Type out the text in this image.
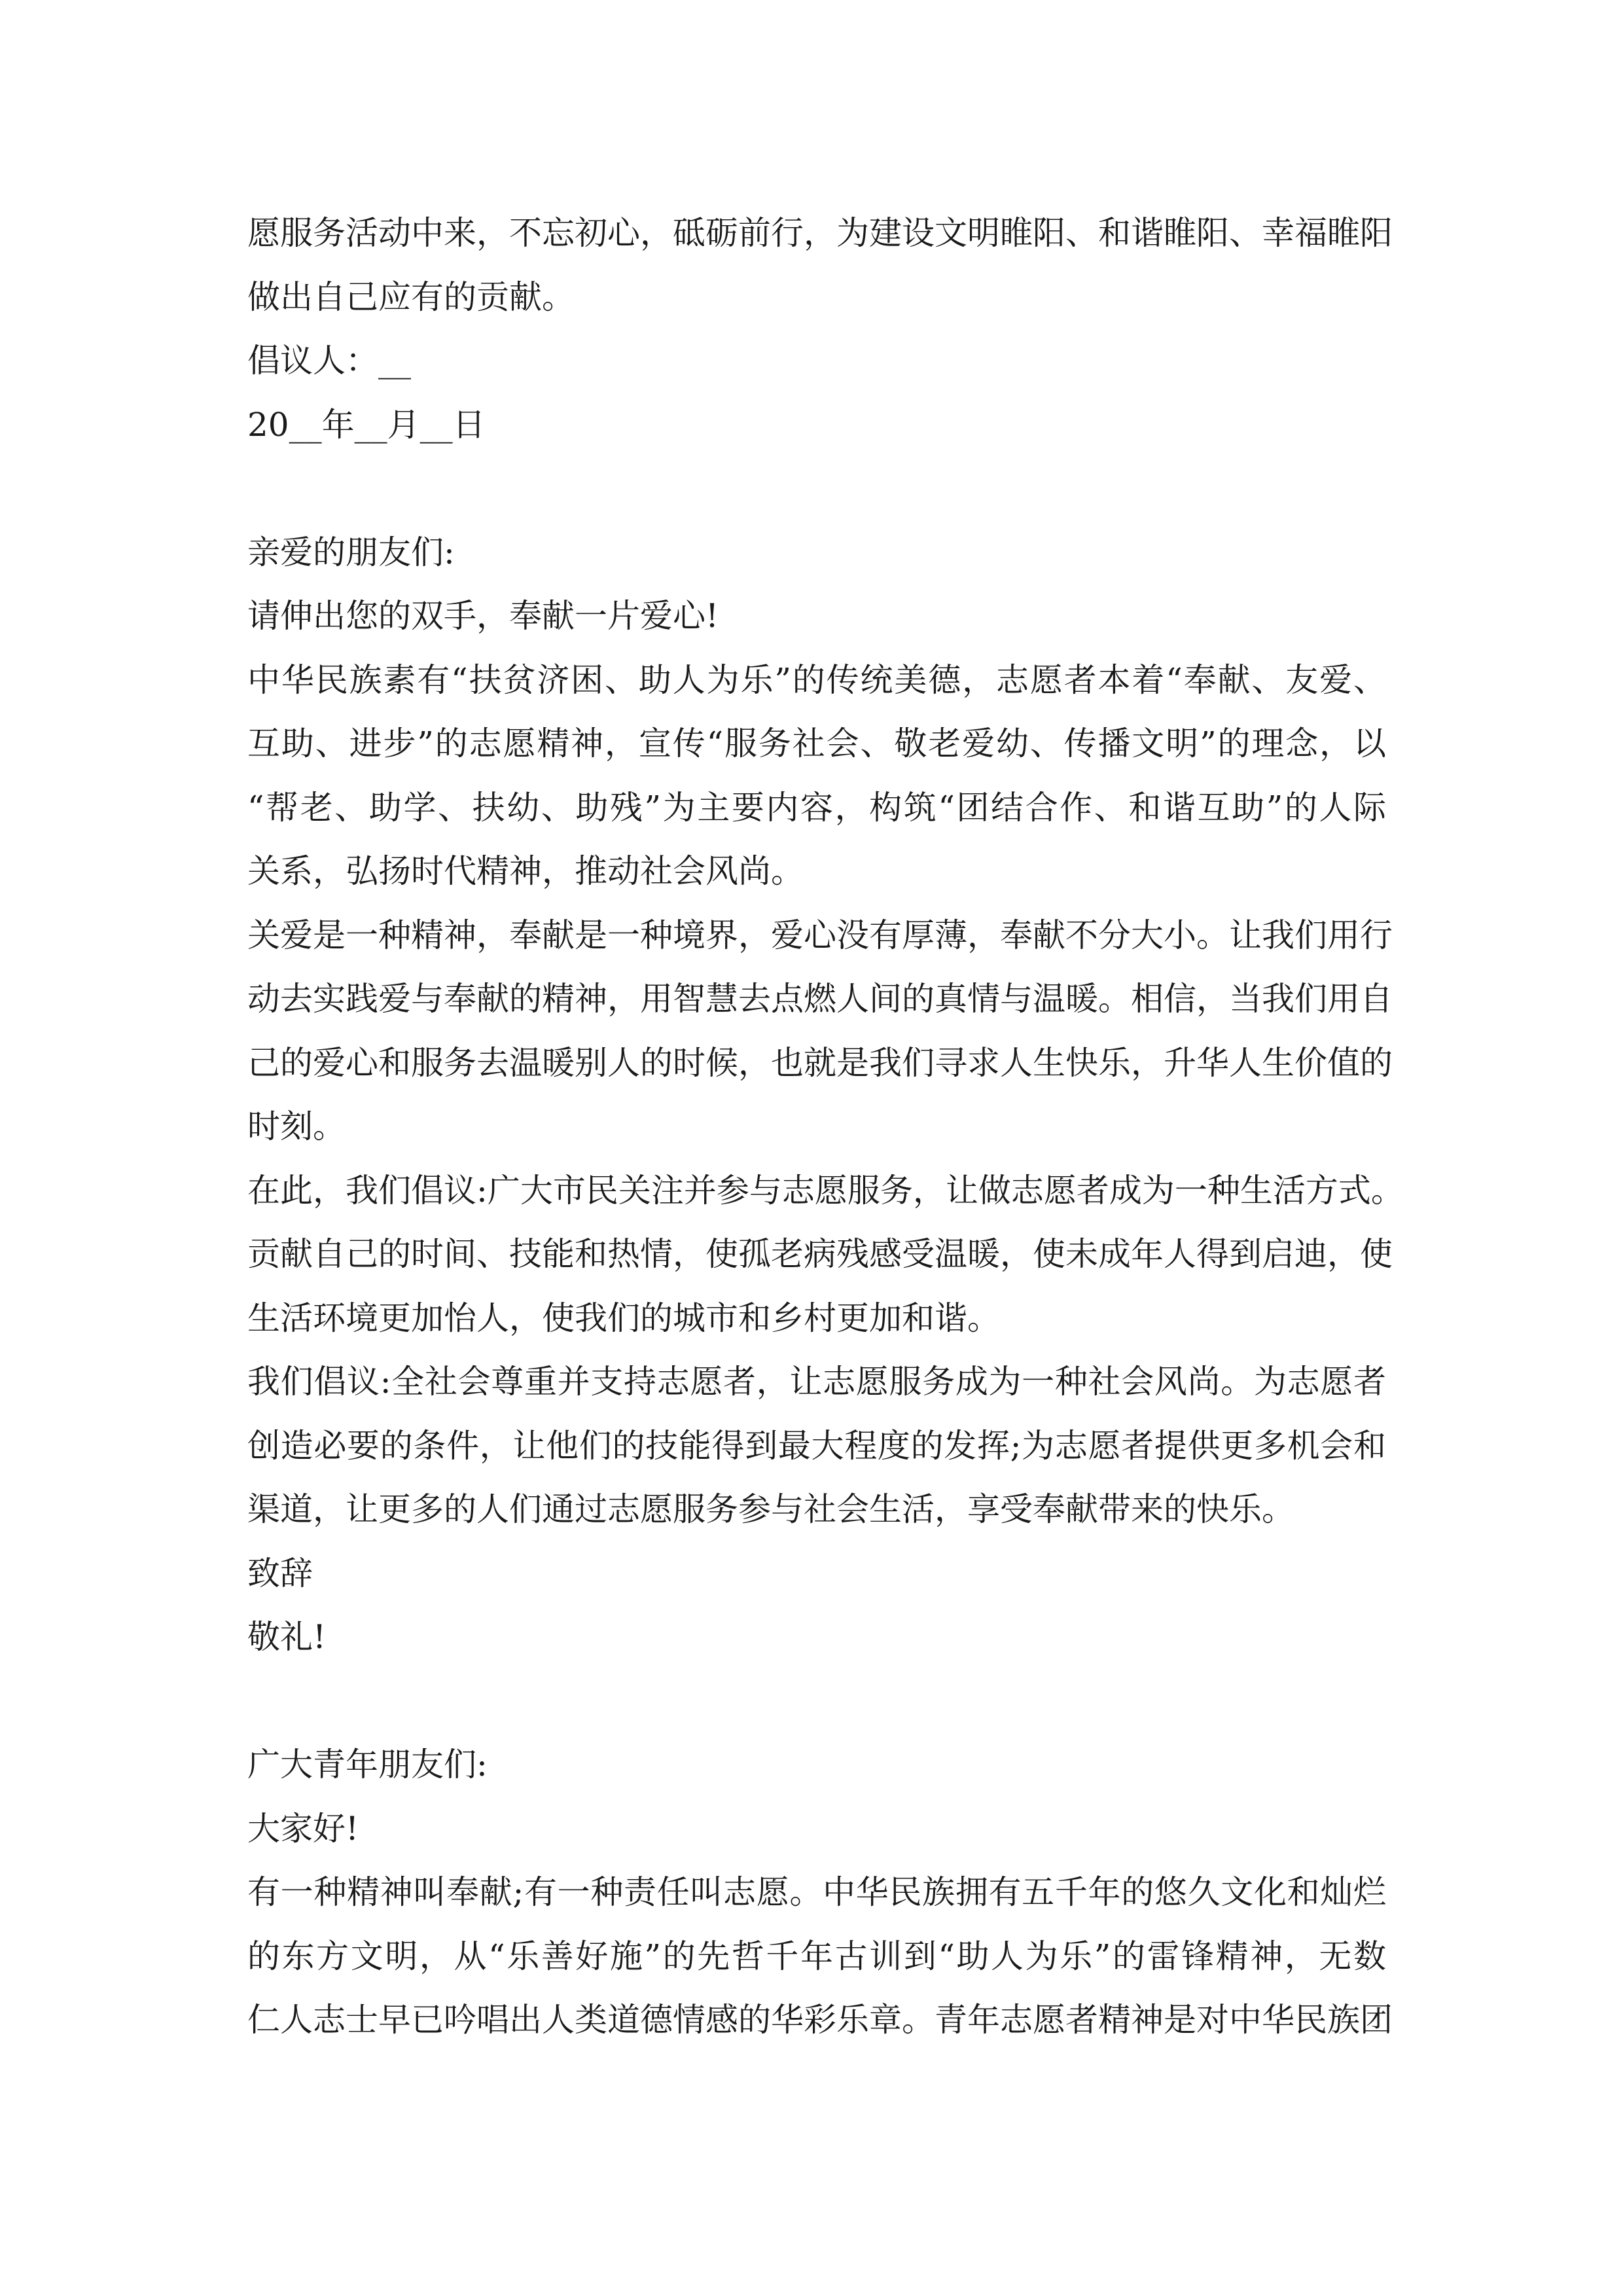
愿服务活动中来，不忘初心，砥砺前行，为建设文明睢阳、和谐睢阳、幸福睢阳
做出自己应有的贡献。
倡议人：__
20__年__月__日
亲爱的朋友们:
请伸出您的双手，奉献一片爱心!
中华民族素有“扶贫济困、助人为乐”的传统美德，志愿者本着“奉献、友爱、
互助、进步”的志愿精神，宣传“服务社会、敬老爱幼、传播文明”的理念，以
“帮老、助学、扶幼、助残”为主要内容，构筑“团结合作、和谐互助”的人际
关系，弘扬时代精神，推动社会风尚。
关爱是一种精神，奉献是一种境界，爱心没有厚薄，奉献不分大小。让我们用行
动去实践爱与奉献的精神，用智慧去点燃人间的真情与温暖。相信，当我们用自
己的爱心和服务去温暖别人的时候，也就是我们寻求人生快乐，升华人生价值的
时刻。
在此，我们倡议:广大市民关注并参与志愿服务，让做志愿者成为一种生活方式。
贡献自己的时间、技能和热情，使孤老病残感受温暖，使未成年人得到启迪，使
生活环境更加怡人，使我们的城市和乡村更加和谐。
我们倡议:全社会尊重并支持志愿者，让志愿服务成为一种社会风尚。为志愿者
创造必要的条件，让他们的技能得到最大程度的发挥;为志愿者提供更多机会和
渠道，让更多的人们通过志愿服务参与社会生活，享受奉献带来的快乐。
致辞
敬礼!
广大青年朋友们:
大家好!
有一种精神叫奉献;有一种责任叫志愿。中华民族拥有五千年的悠久文化和灿烂
的东方文明，从“乐善好施”的先哲千年古训到“助人为乐”的雷锋精神，无数
仁人志士早已吟唱出人类道德情感的华彩乐章。青年志愿者精神是对中华民族团
